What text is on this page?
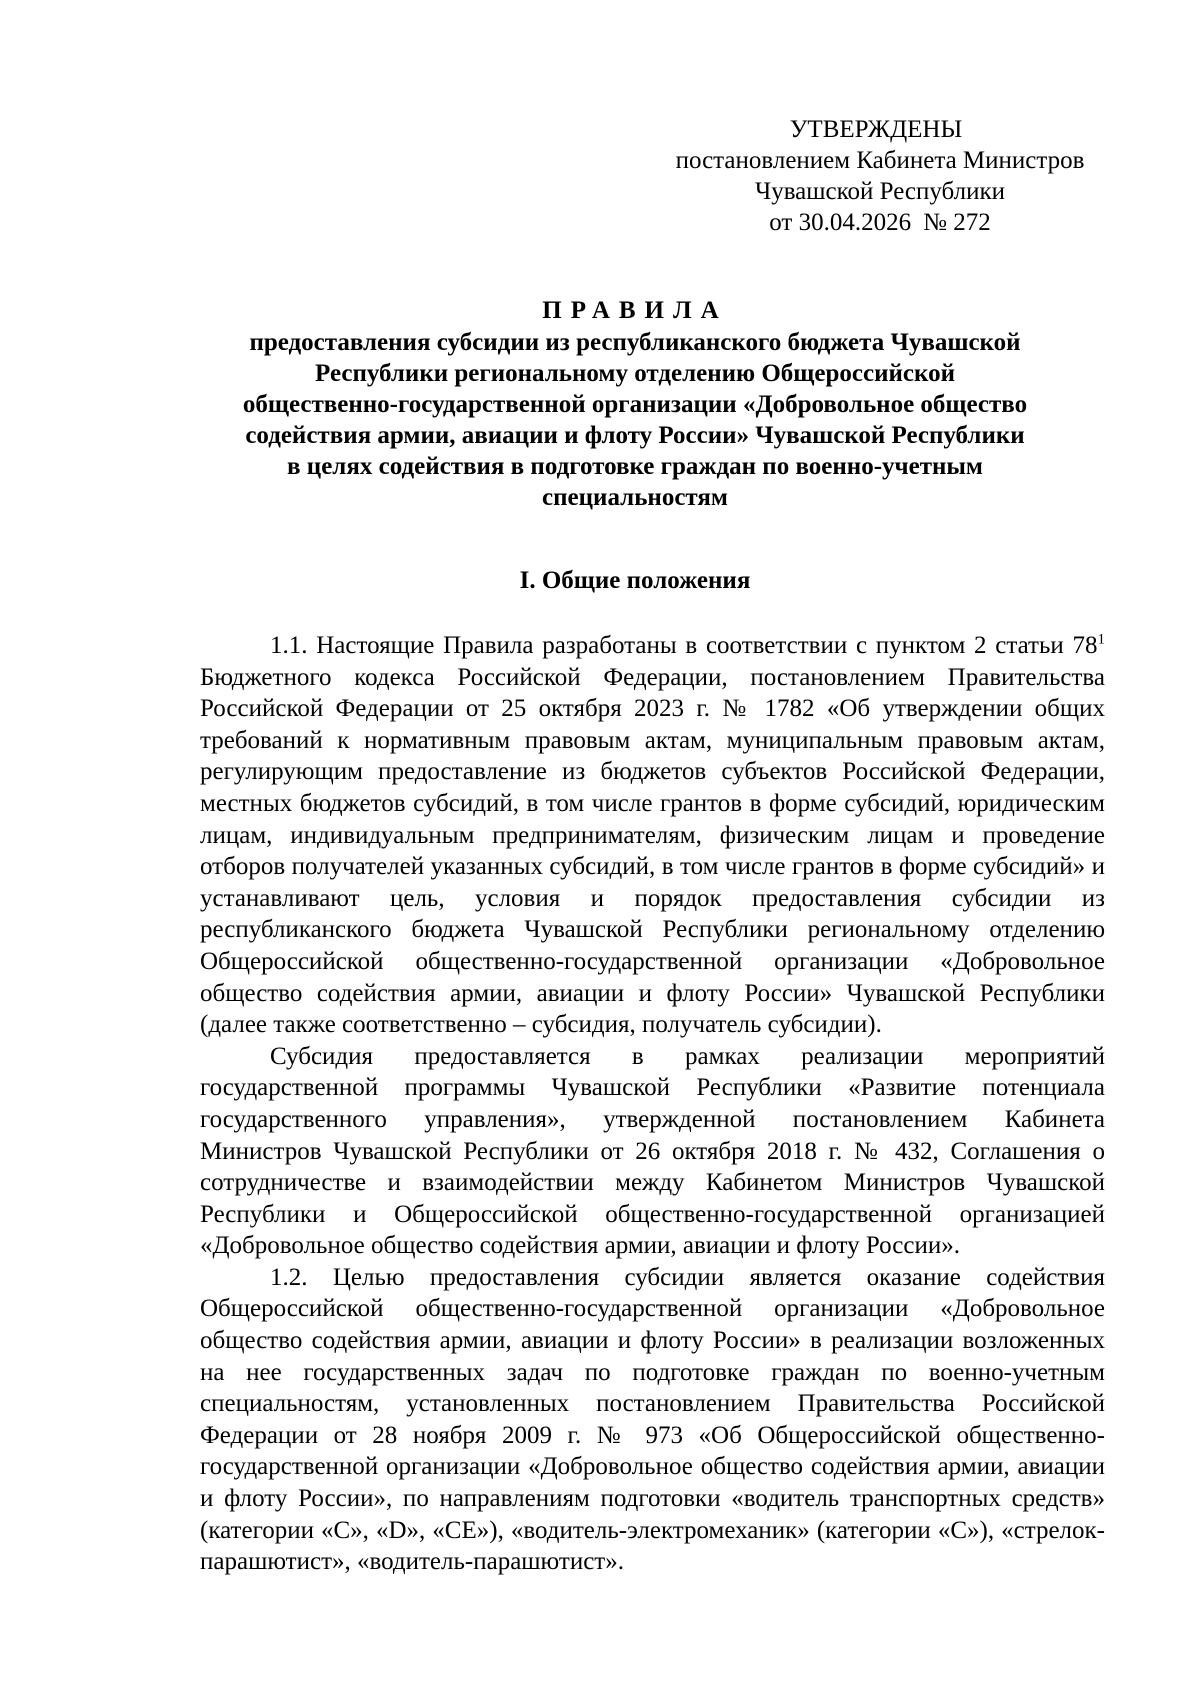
УТВЕРЖДЕНЫ
постановлением Кабинета Министров
Чувашской Республики
от 30.04.2026 № 272
ПРАВИЛА
предоставления субсидии из республиканского бюджета Чувашской
Республики региональному отделению Общероссийской
общественно-государственной организации «Добровольное общество
содействия армии, авиации и флоту России» Чувашской Республики
в целях содействия в подготовке граждан по военно-учетным
специальностям
I. Общие положения

1.1. Настоящие Правила разработаны в соответствии с пунктом 2 статьи $78^1$ Бюджетного кодекса Российской Федерации, постановлением Правительства Российской Федерации от 25 октября 2023 г. № 1782 «Об утверждении общих требований к нормативным правовым актам, муниципальным правовым актам, регулирующим предоставление из бюджетов субъектов Российской Федерации, местных бюджетов субсидий, в том числе грантов в форме субсидий, юридическим лицам, индивидуальным предпринимателям, физическим лицам и проведение отборов получателей указанных субсидий, в том числе грантов в форме субсидий» и устанавливают цель, условия и порядок предоставления субсидии из республиканского бюджета Чувашской Республики региональному отделению Общероссийской общественно-государственной организации «Добровольное общество содействия армии, авиации и флоту России» Чувашской Республики (далее также соответственно – субсидия, получатель субсидии).

Субсидия предоставляется в рамках реализации мероприятий государственной программы Чувашской Республики «Развитие потенциала государственного управления», утвержденной постановлением Кабинета Министров Чувашской Республики от 26 октября 2018 г. № 432, Соглашения о сотрудничестве и взаимодействии между Кабинетом Министров Чувашской Республики и Общероссийской общественно-государственной организацией «Добровольное общество содействия армии, авиации и флоту России».

1.2. Целью предоставления субсидии является оказание содействия Общероссийской общественно-государственной организации «Добровольное общество содействия армии, авиации и флоту России» в реализации возложенных на нее государственных задач по подготовке граждан по военно-учетным специальностям, установленных постановлением Правительства Российской Федерации от 28 ноября 2009 г. № 973 «Об Общероссийской общественно-государственной организации «Добровольное общество содействия армии, авиации и флоту России», по направлениям подготовки «водитель транспортных средств» (категории «C», «D», «CE»), «водитель-электромеханик» (категории «C»), «стрелок-парашютист», «водитель-парашютист».
